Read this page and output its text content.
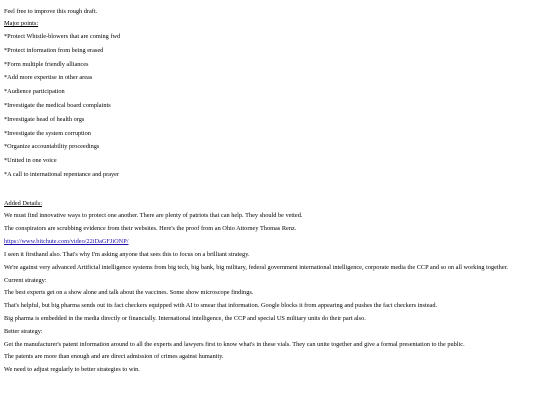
Feel free to improve this rough draft.

Major points:

*Protect Whistle-blowers that are coming fwd

*Protect information from being erased

*Form multiple friendly alliances

*Add more expertise in other areas

*Audience participation

*Investigate the medical board complaints

*Investigate head of health orgs

*Investigate the system corruption

*Organize accountability proceedings

*United in one voice

*A call to international repentance and prayer

Added Details:

We must find innovative ways to protect one another. There are plenty of patriots that can help. They should be vetted.

The conspirators are scrubbing evidence from their websites. Here's the proof from an Ohio Attorney Thomas Renz.

https://www.bitchute.com/video/22iDaGFJiONP/

I seen it firsthand also. That's why I'm asking anyone that sees this to focus on a brilliant strategy.

We're against very advanced Artificial intelligence systems from big tech, big bank, big military, federal government international intelligence, corporate media the CCP and so on all working together.

Current strategy:

The best experts get on a show alone and talk about the vaccines. Some show microscope findings.

That's helpful, but big pharma sends out its fact checkers equipped with AI to smear that information. Google blocks it from appearing and pushes the fact checkers instead.

Big pharma is embedded in the media directly or financially. International intelligence, the CCP and special US military units do their part also.

Better strategy:

Get the manufacturer's patent information around to all the experts and lawyers first to know what's in these vials. They can unite together and give a formal presentation to the public.

The patents are more than enough and are direct admission of crimes against humanity.

We need to adjust regularly to better strategies to win.
